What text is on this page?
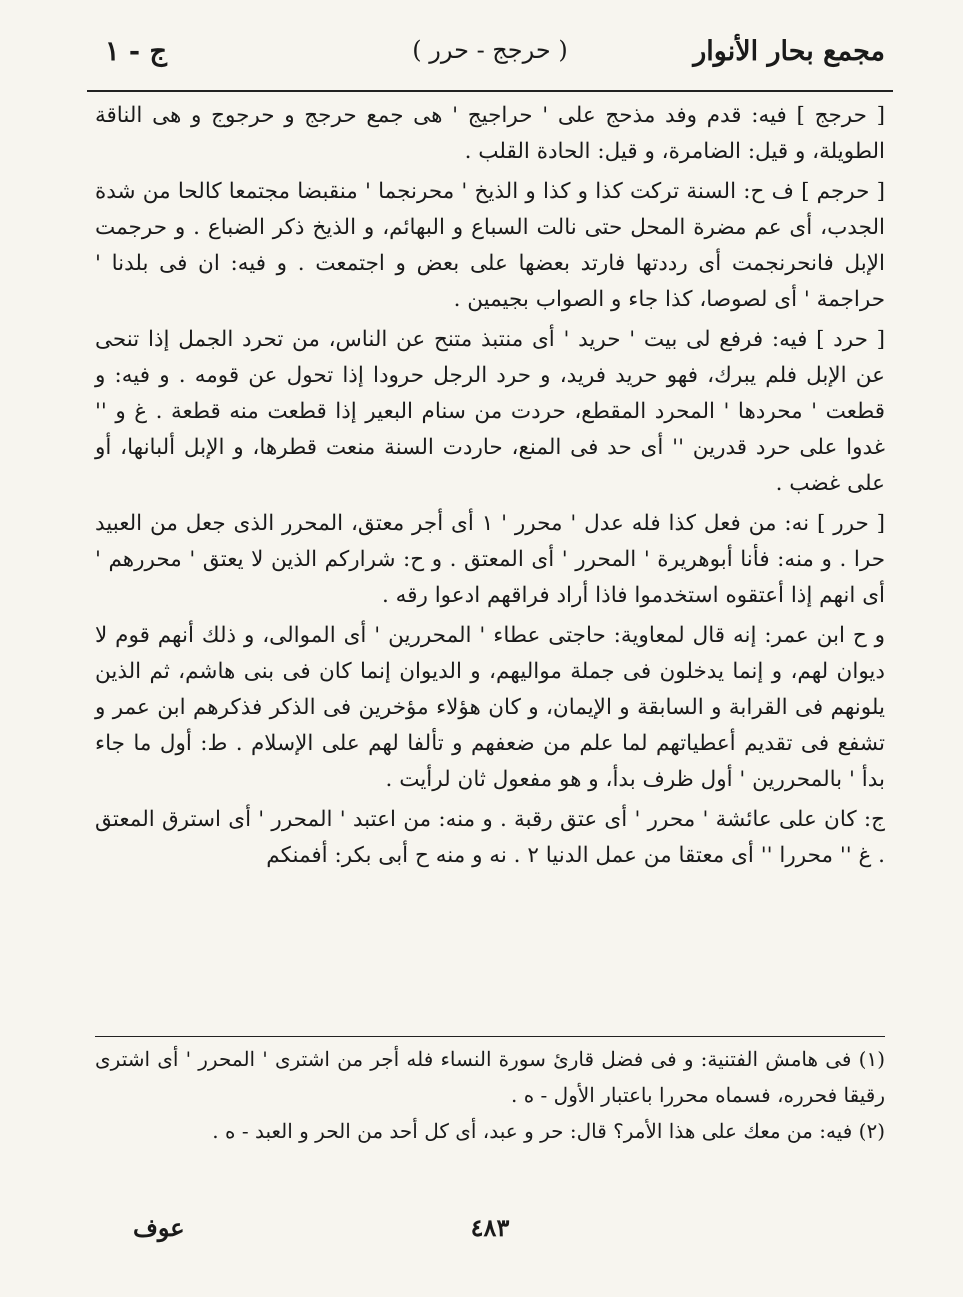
مجمع بحار الأنوار
( حرجج - حرر )
ج - ١

[ حرجج ] فيه: قدم وفد مذحج على ' حراجيج ' هى جمع حرجج و حرجوج و هى الناقة الطويلة، و قيل: الضامرة، و قيل: الحادة القلب .

[ حرجم ] ف ح: السنة تركت كذا و كذا و الذيخ ' محرنجما ' منقبضا مجتمعا كالحا من شدة الجدب، أى عم مضرة المحل حتى نالت السباع و البهائم، و الذيخ ذكر الضباع . و حرجمت الإبل فانحرنجمت أى رددتها فارتد بعضها على بعض و اجتمعت . و فيه: ان فى بلدنا ' حراجمة ' أى لصوصا، كذا جاء و الصواب بجيمين .

[ حرد ] فيه: فرفع لى بيت ' حريد ' أى منتبذ متنح عن الناس، من تحرد الجمل إذا تنحى عن الإبل فلم يبرك، فهو حريد فريد، و حرد الرجل حرودا إذا تحول عن قومه . و فيه: و قطعت ' محردها ' المحرد المقطع، حردت من سنام البعير إذا قطعت منه قطعة . غ و '' غدوا على حرد قدرين '' أى حد فى المنع، حاردت السنة منعت قطرها، و الإبل ألبانها، أو على غضب .

[ حرر ] نه: من فعل كذا فله عدل ' محرر ' ١ أى أجر معتق، المحرر الذى جعل من العبيد حرا . و منه: فأنا أبوهريرة ' المحرر ' أى المعتق . و ح: شراركم الذين لا يعتق ' محررهم ' أى انهم إذا أعتقوه استخدموا فاذا أراد فراقهم ادعوا رقه .

و ح ابن عمر: إنه قال لمعاوية: حاجتى عطاء ' المحررين ' أى الموالى، و ذلك أنهم قوم لا ديوان لهم، و إنما يدخلون فى جملة مواليهم، و الديوان إنما كان فى بنى هاشم، ثم الذين يلونهم فى القرابة و السابقة و الإيمان، و كان هؤلاء مؤخرين فى الذكر فذكرهم ابن عمر و تشفع فى تقديم أعطياتهم لما علم من ضعفهم و تألفا لهم على الإسلام . ط: أول ما جاء بدأ ' بالمحررين ' أول ظرف بدأ، و هو مفعول ثان لرأيت .

ج: كان على عائشة ' محرر ' أى عتق رقبة . و منه: من اعتبد ' المحرر ' أى استرق المعتق . غ '' محررا '' أى معتقا من عمل الدنيا ٢ . نه و منه ح أبى بكر: أفمنكم

(١) فى هامش الفتنية: و فى فضل قارئ سورة النساء فله أجر من اشترى ' المحرر ' أى اشترى رقيقا فحرره، فسماه محررا باعتبار الأول - ه .

(٢) فيه: من معك على هذا الأمر؟ قال: حر و عبد، أى كل أحد من الحر و العبد - ه .

٤٨٣
عوف
